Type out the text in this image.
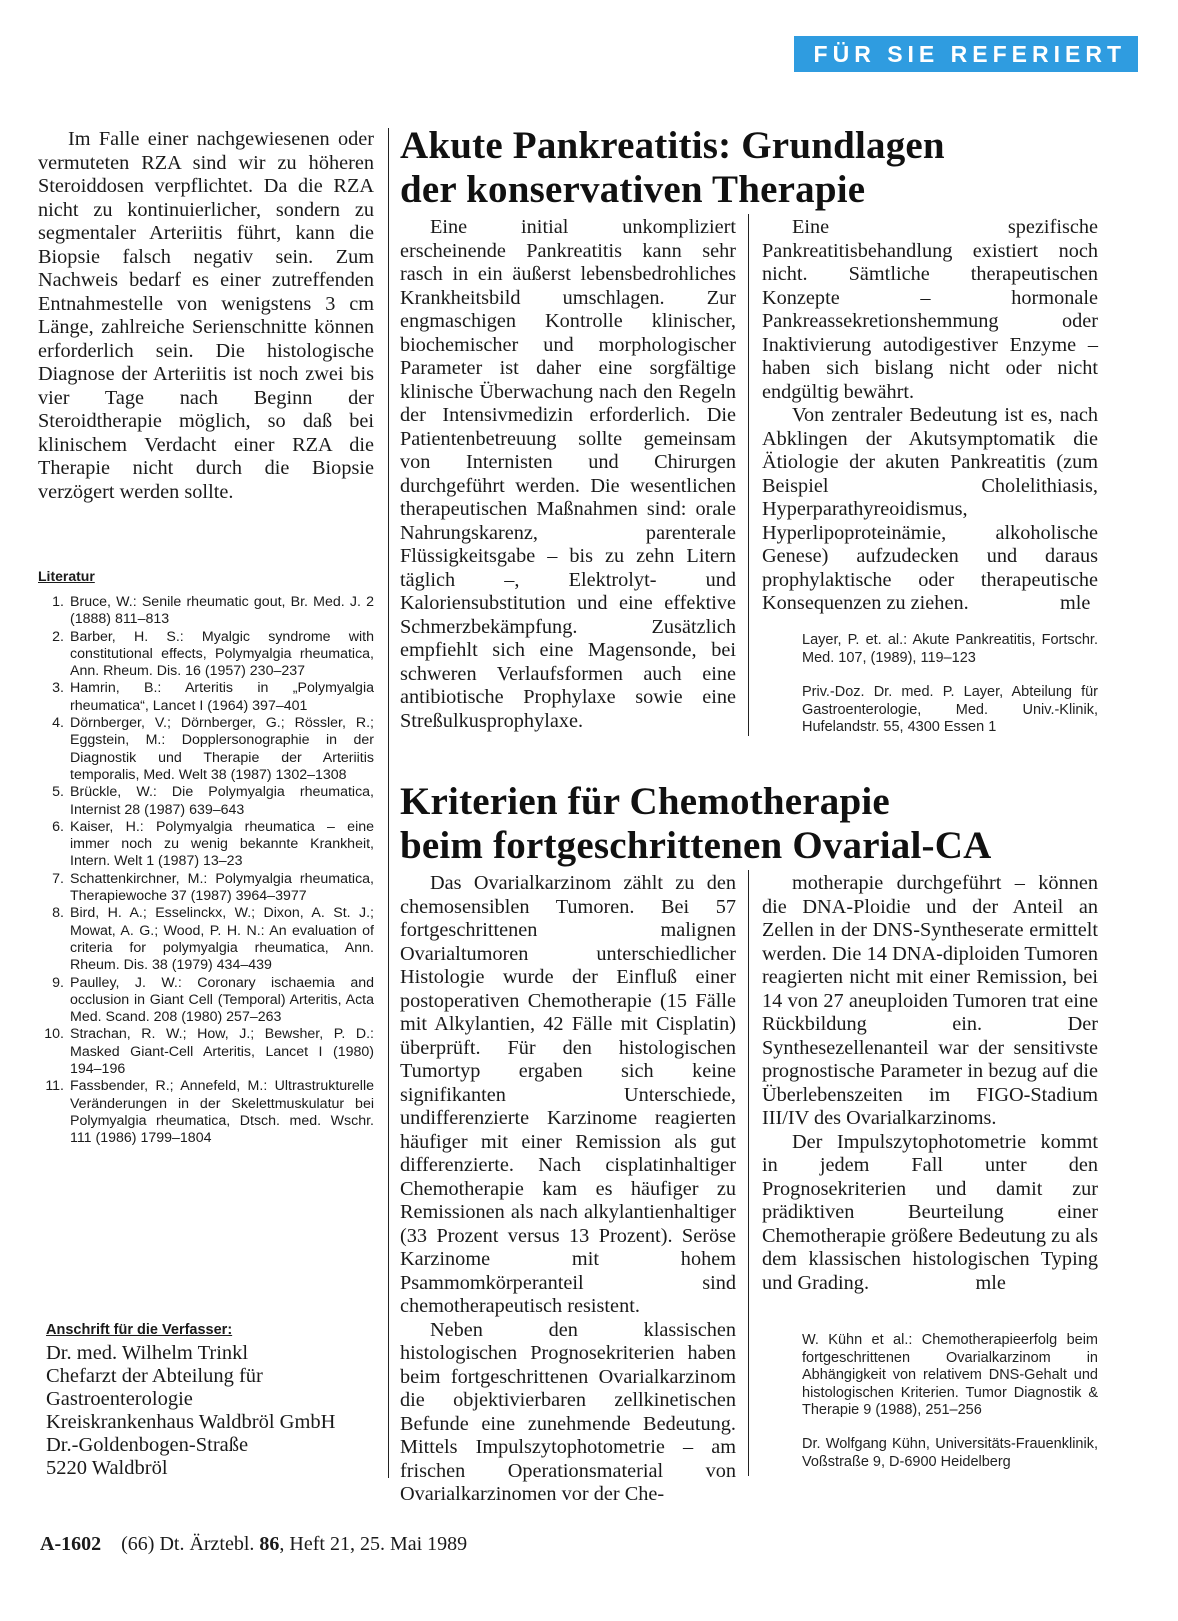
FÜR SIE REFERIERT

Im Falle einer nachgewiesenen oder vermuteten RZA sind wir zu höheren Steroiddosen verpflichtet. Da die RZA nicht zu kontinuierlicher, sondern zu segmentaler Arteriitis führt, kann die Biopsie falsch negativ sein. Zum Nachweis bedarf es einer zutreffenden Entnahmestelle von wenigstens 3 cm Länge, zahlreiche Serienschnitte können erforderlich sein. Die histologische Diagnose der Arteriitis ist noch zwei bis vier Tage nach Beginn der Steroidtherapie möglich, so daß bei klinischem Verdacht einer RZA die Therapie nicht durch die Biopsie verzögert werden sollte.

Literatur
1. Bruce, W.: Senile rheumatic gout, Br. Med. J. 2 (1888) 811–813
2. Barber, H. S.: Myalgic syndrome with constitutional effects, Polymyalgia rheumatica, Ann. Rheum. Dis. 16 (1957) 230–237
3. Hamrin, B.: Arteritis in „Polymyalgia rheumatica“, Lancet I (1964) 397–401
4. Dörnberger, V.; Dörnberger, G.; Rössler, R.; Eggstein, M.: Dopplersonographie in der Diagnostik und Therapie der Arteriitis temporalis, Med. Welt 38 (1987) 1302–1308
5. Brückle, W.: Die Polymyalgia rheumatica, Internist 28 (1987) 639–643
6. Kaiser, H.: Polymyalgia rheumatica – eine immer noch zu wenig bekannte Krankheit, Intern. Welt 1 (1987) 13–23
7. Schattenkirchner, M.: Polymyalgia rheumatica, Therapiewoche 37 (1987) 3964–3977
8. Bird, H. A.; Esselinckx, W.; Dixon, A. St. J.; Mowat, A. G.; Wood, P. H. N.: An evaluation of criteria for polymyalgia rheumatica, Ann. Rheum. Dis. 38 (1979) 434–439
9. Paulley, J. W.: Coronary ischaemia and occlusion in Giant Cell (Temporal) Arteritis, Acta Med. Scand. 208 (1980) 257–263
10. Strachan, R. W.; How, J.; Bewsher, P. D.: Masked Giant-Cell Arteritis, Lancet I (1980) 194–196
11. Fassbender, R.; Annefeld, M.: Ultrastrukturelle Veränderungen in der Skelettmuskulatur bei Polymyalgia rheumatica, Dtsch. med. Wschr. 111 (1986) 1799–1804
Anschrift für die Verfasser:

Dr. med. Wilhelm Trinkl

Chefarzt der Abteilung für

Gastroenterologie

Kreiskrankenhaus Waldbröl GmbH

Dr.-Goldenbogen-Straße

5220 Waldbröl

Akute Pankreatitis: Grundlagen
der konservativen Therapie

Eine initial unkompliziert erscheinende Pankreatitis kann sehr rasch in ein äußerst lebensbedrohliches Krankheitsbild umschlagen. Zur engmaschigen Kontrolle klinischer, biochemischer und morphologischer Parameter ist daher eine sorgfältige klinische Überwachung nach den Regeln der Intensivmedizin erforderlich. Die Patientenbetreuung sollte gemeinsam von Internisten und Chirurgen durchgeführt werden. Die wesentlichen therapeutischen Maßnahmen sind: orale Nahrungskarenz, parenterale Flüssigkeitsgabe – bis zu zehn Litern täglich –, Elektrolyt- und Kaloriensubstitution und eine effektive Schmerzbekämpfung. Zusätzlich empfiehlt sich eine Magensonde, bei schweren Verlaufsformen auch eine antibiotische Prophylaxe sowie eine Streßulkusprophylaxe.

Eine spezifische Pankreatitisbehandlung existiert noch nicht. Sämtliche therapeutischen Konzepte – hormonale Pankreassekretionshemmung oder Inaktivierung autodigestiver Enzyme – haben sich bislang nicht oder nicht endgültig bewährt.

Von zentraler Bedeutung ist es, nach Abklingen der Akutsymptomatik die Ätiologie der akuten Pankreatitis (zum Beispiel Cholelithiasis, Hyperparathyreoidismus, Hyperlipoproteinämie, alkoholische Genese) aufzudecken und daraus prophylaktische oder therapeutische Konsequenzen zu ziehen.	mle

Layer, P. et. al.: Akute Pankreatitis, Fortschr. Med. 107, (1989), 119–123

Priv.-Doz. Dr. med. P. Layer, Abteilung für Gastroenterologie, Med. Univ.-Klinik, Hufelandstr. 55, 4300 Essen 1

Kriterien für Chemotherapie
beim fortgeschrittenen Ovarial-CA

Das Ovarialkarzinom zählt zu den chemosensiblen Tumoren. Bei 57 fortgeschrittenen malignen Ovarialtumoren unterschiedlicher Histologie wurde der Einfluß einer postoperativen Chemotherapie (15 Fälle mit Alkylantien, 42 Fälle mit Cisplatin) überprüft. Für den histologischen Tumortyp ergaben sich keine signifikanten Unterschiede, undifferenzierte Karzinome reagierten häufiger mit einer Remission als gut differenzierte. Nach cisplatinhaltiger Chemotherapie kam es häufiger zu Remissionen als nach alkylantienhaltiger (33 Prozent versus 13 Prozent). Seröse Karzinome mit hohem Psammomkörperanteil sind chemotherapeutisch resistent.

Neben den klassischen histologischen Prognosekriterien haben beim fortgeschrittenen Ovarialkarzinom die objektivierbaren zellkinetischen Befunde eine zunehmende Bedeutung. Mittels Impulszytophotometrie – am frischen Operationsmaterial von Ovarialkarzinomen vor der Che-

motherapie durchgeführt – können die DNA-Ploidie und der Anteil an Zellen in der DNS-Syntheserate ermittelt werden. Die 14 DNA-diploiden Tumoren reagierten nicht mit einer Remission, bei 14 von 27 aneuploiden Tumoren trat eine Rückbildung ein. Der Synthesezellenanteil war der sensitivste prognostische Parameter in bezug auf die Überlebenszeiten im FIGO-Stadium III/IV des Ovarialkarzinoms.

Der Impulszytophotometrie kommt in jedem Fall unter den Prognosekriterien und damit zur prädiktiven Beurteilung einer Chemotherapie größere Bedeutung zu als dem klassischen histologischen Typing und Grading.	mle

W. Kühn et al.: Chemotherapieerfolg beim fortgeschrittenen Ovarialkarzinom in Abhängigkeit von relativem DNS-Gehalt und histologischen Kriterien. Tumor Diagnostik & Therapie 9 (1988), 251–256

Dr. Wolfgang Kühn, Universitäts-Frauenklinik, Voßstraße 9, D-6900 Heidelberg

A-1602 (66) Dt. Ärztebl. 86, Heft 21, 25. Mai 1989
